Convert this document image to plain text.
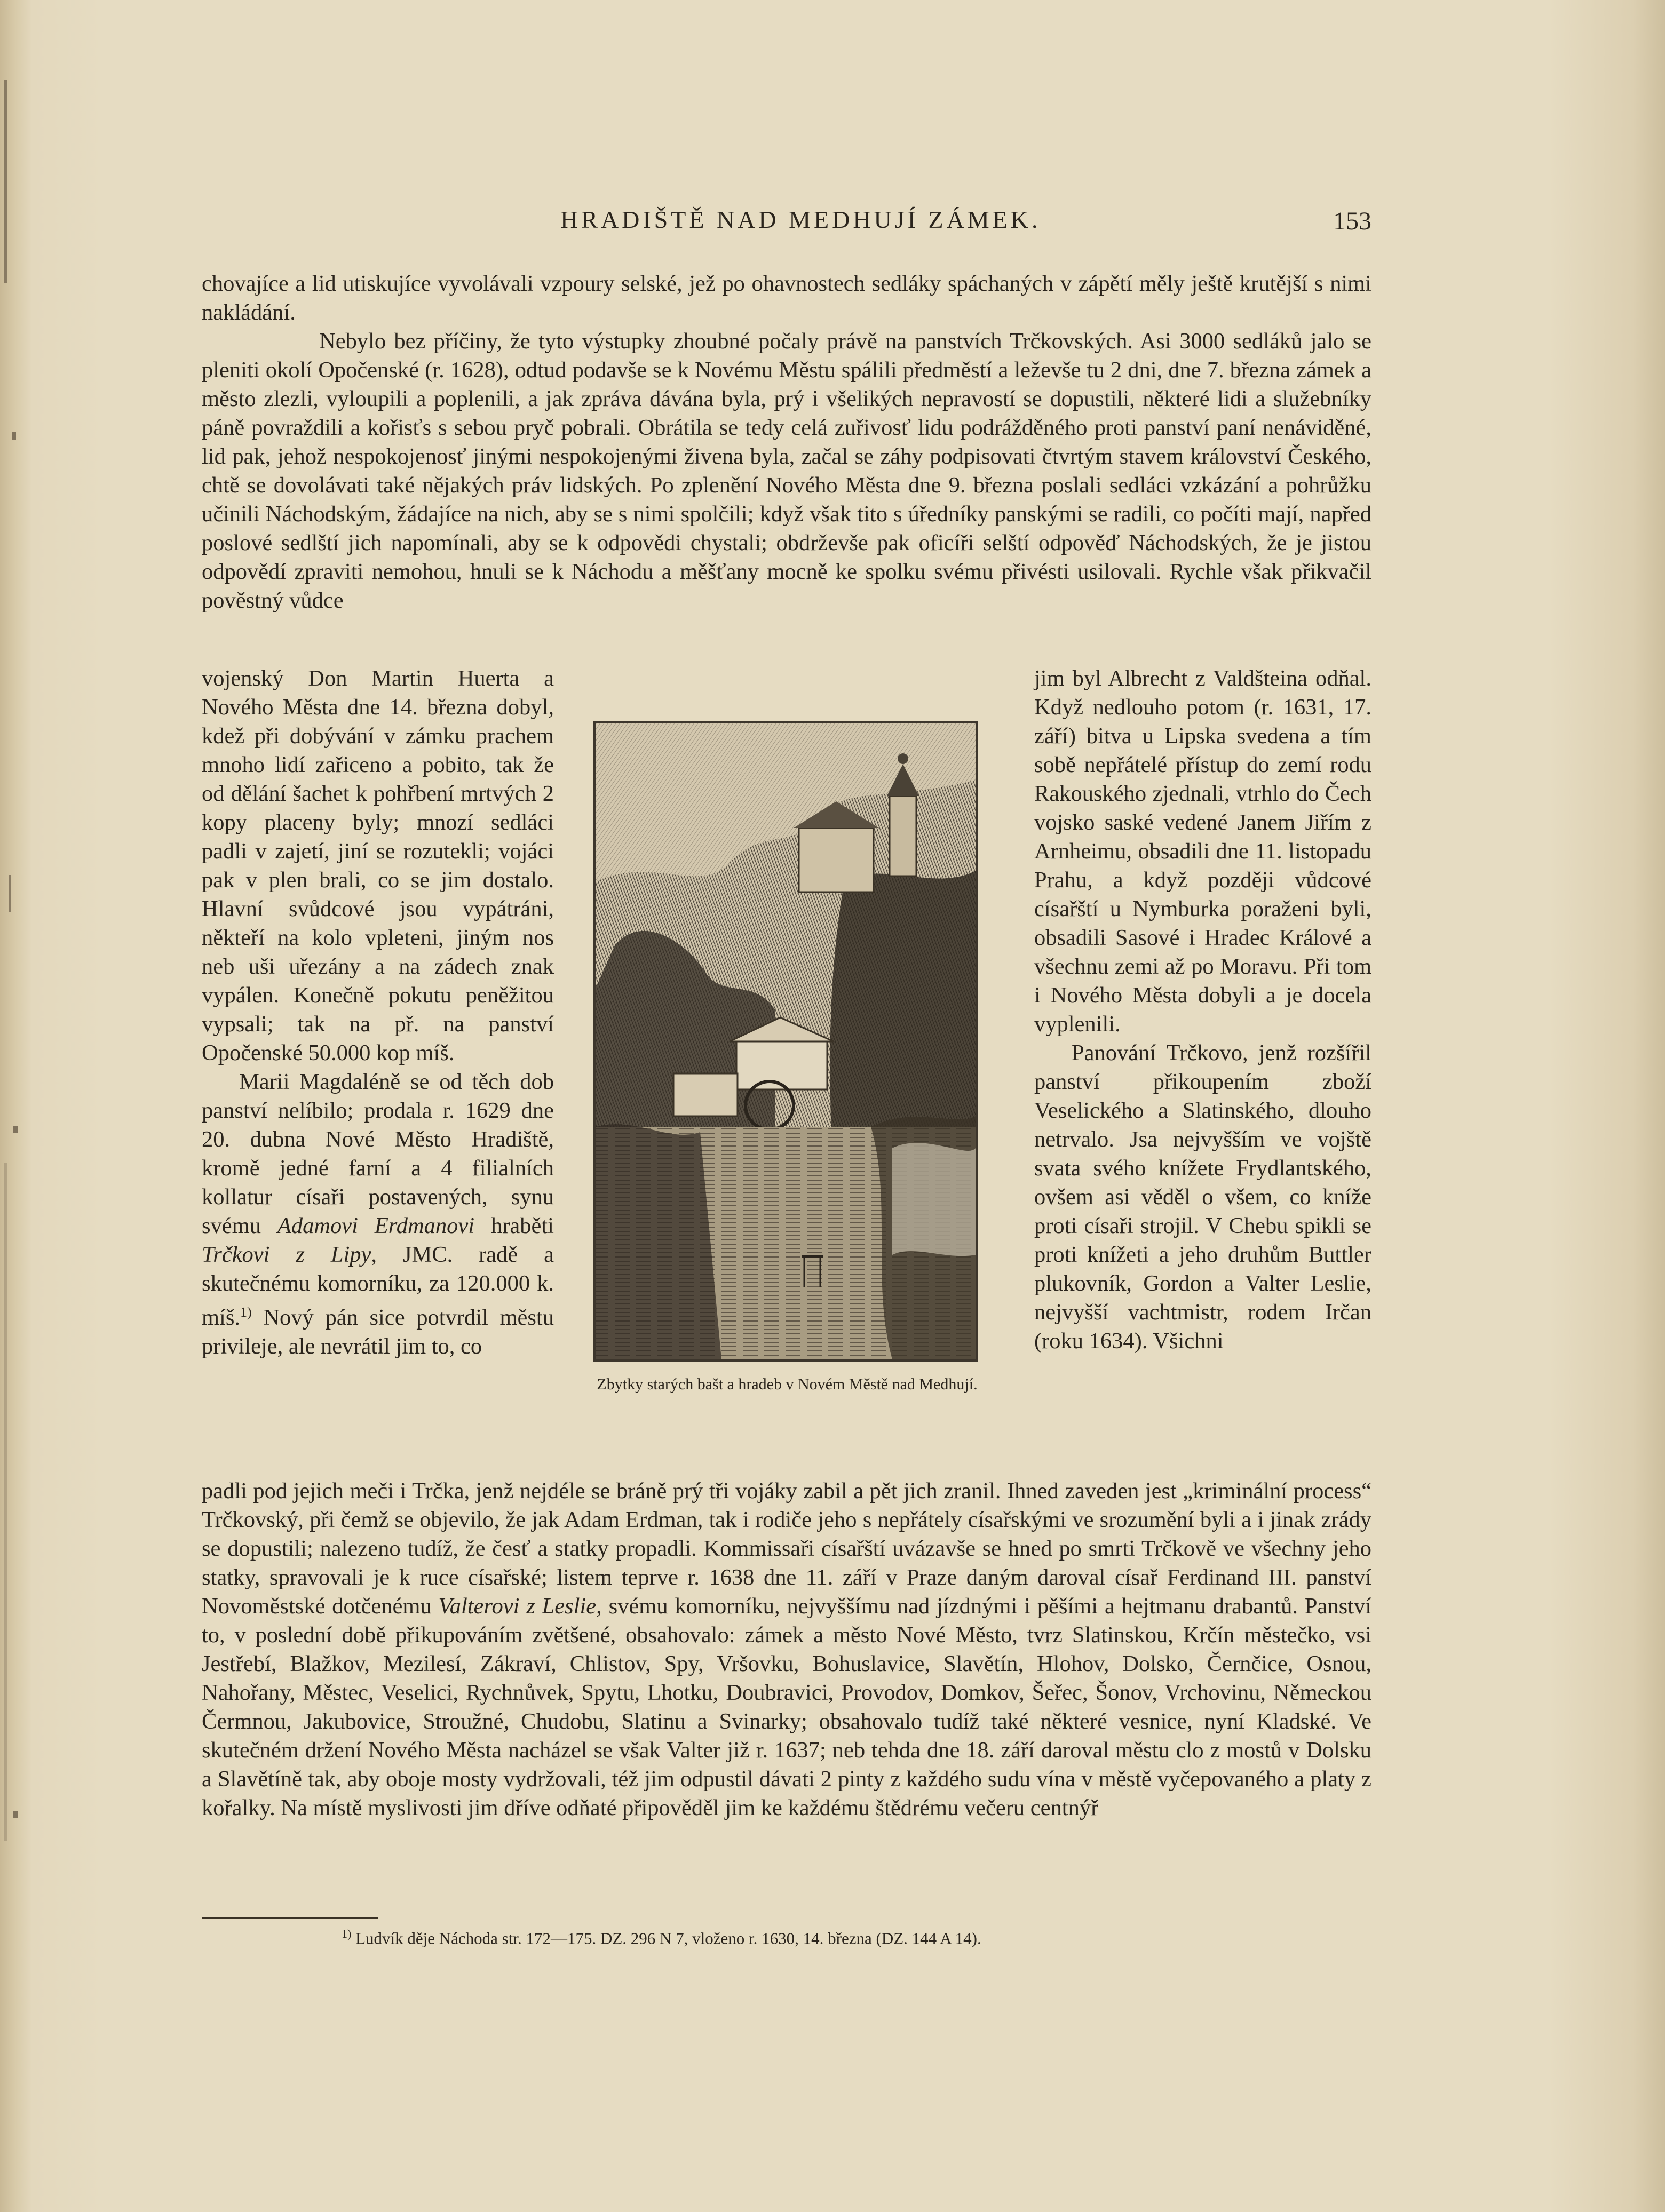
HRADIŠTĚ NAD MEDHUJÍ ZÁMEK.	153

chovajíce a lid utiskujíce vyvolávali vzpoury selské, jež po ohavnostech sedláky spáchaných v zápětí měly ještě krutější s nimi nakládání.

Nebylo bez příčiny, že tyto výstupky zhoubné počaly právě na panstvích Trčkovských. Asi 3000 sedláků jalo se pleniti okolí Opočenské (r. 1628), odtud podavše se k Novému Městu spálili předměstí a leževše tu 2 dni, dne 7. března zámek a město zlezli, vyloupili a poplenili, a jak zpráva dávána byla, prý i všelikých nepravostí se dopustili, některé lidi a služebníky páně povraždili a kořisťs s sebou pryč pobrali. Obrátila se tedy celá zuřivosť lidu podrážděného proti panství paní nenáviděné, lid pak, jehož nespokojenosť jinými nespokojenými živena byla, začal se záhy podpisovati čtvrtým stavem království Českého, chtě se dovolávati také nějakých práv lidských. Po zplenění Nového Města dne 9. března poslali sedláci vzkázání a pohrůžku učinili Náchodským, žádajíce na nich, aby se s nimi spolčili; když však tito s úředníky panskými se radili, co počíti mají, napřed poslové sedlští jich napomínali, aby se k odpovědi chystali; obdrževše pak oficíři selští odpověď Náchodských, že je jistou odpovědí zpraviti nemohou, hnuli se k Náchodu a měšťany mocně ke spolku svému přivésti usilovali. Rychle však přikvačil pověstný vůdce

vojenský Don Martin Huerta a Nového Města dne 14. března dobyl, kdež při dobývání v zámku prachem mnoho lidí zařiceno a pobito, tak že od dělání šachet k pohřbení mrtvých 2 kopy placeny byly; mnozí sedláci padli v zajetí, jiní se rozutekli; vojáci pak v plen brali, co se jim dostalo. Hlavní svůdcové jsou vypátráni, někteří na kolo vpleteni, jiným nos neb uši uřezány a na zádech znak vypálen. Konečně pokutu peněžitou vypsali; tak na př. na panství Opočenské 50.000 kop míš.

Marii Magdaléně se od těch dob panství nelíbilo; prodala r. 1629 dne 20. dubna Nové Město Hradiště, kromě jedné farní a 4 filialních kollatur císaři postavených, synu svému Adamovi Erdmanovi hraběti Trčkovi z Lipy, JMC. radě a skutečnému komorníku, za 120.000 k. míš.$^{1)}$ Nový pán sice potvrdil městu privileje, ale nevrátil jim to, co

Zbytky starých bašt a hradeb v Novém Městě nad Medhují.

jim byl Albrecht z Valdšteina odňal. Když nedlouho potom (r. 1631, 17. září) bitva u Lipska svedena a tím sobě nepřátelé přístup do zemí rodu Rakouského zjednali, vtrhlo do Čech vojsko saské vedené Janem Jiřím z Arnheimu, obsadili dne 11. listopadu Prahu, a když později vůdcové císařští u Nymburka poraženi byli, obsadili Sasové i Hradec Králové a všechnu zemi až po Moravu. Při tom i Nového Města dobyli a je docela vyplenili.

Panování Trčkovo, jenž rozšířil panství přikoupením zboží Veselického a Slatinského, dlouho netrvalo. Jsa nejvyšším ve vojště svata svého knížete Frydlantského, ovšem asi věděl o všem, co kníže proti císaři strojil. V Chebu spikli se proti knížeti a jeho druhům Buttler plukovník, Gordon a Valter Leslie, nejvyšší vachtmistr, rodem Irčan (roku 1634). Všichni

padli pod jejich meči i Trčka, jenž nejdéle se bráně prý tři vojáky zabil a pět jich zranil. Ihned zaveden jest „kriminální process“ Trčkovský, při čemž se objevilo, že jak Adam Erdman, tak i rodiče jeho s nepřátely císařskými ve srozumění byli a i jinak zrády se dopustili; nalezeno tudíž, že česť a statky propadli. Kommissaři císařští uvázavše se hned po smrti Trčkově ve všechny jeho statky, spravovali je k ruce císařské; listem teprve r. 1638 dne 11. září v Praze daným daroval císař Ferdinand III. panství Novoměstské dotčenému Valterovi z Leslie, svému komorníku, nejvyššímu nad jízdnými i pěšími a hejtmanu drabantů. Panství to, v poslední době přikupováním zvětšené, obsahovalo: zámek a město Nové Město, tvrz Slatinskou, Krčín městečko, vsi Jestřebí, Blažkov, Mezilesí, Zákraví, Chlistov, Spy, Vršovku, Bohuslavice, Slavětín, Hlohov, Dolsko, Černčice, Osnou, Nahořany, Městec, Veselici, Rychnůvek, Spytu, Lhotku, Doubravici, Provodov, Domkov, Šeřec, Šonov, Vrchovinu, Německou Čermnou, Jakubovice, Stroužné, Chudobu, Slatinu a Svinarky; obsahovalo tudíž také některé vesnice, nyní Kladské. Ve skutečném držení Nového Města nacházel se však Valter již r. 1637; neb tehda dne 18. září daroval městu clo z mostů v Dolsku a Slavětíně tak, aby oboje mosty vydržovali, též jim odpustil dávati 2 pinty z každého sudu vína v městě vyčepovaného a platy z kořalky. Na místě myslivosti jim dříve odňaté připověděl jim ke každému štědrému večeru centnýř

$^{1)}$ Ludvík děje Náchoda str. 172—175. DZ. 296 N 7, vloženo r. 1630, 14. března (DZ. 144 A 14).
